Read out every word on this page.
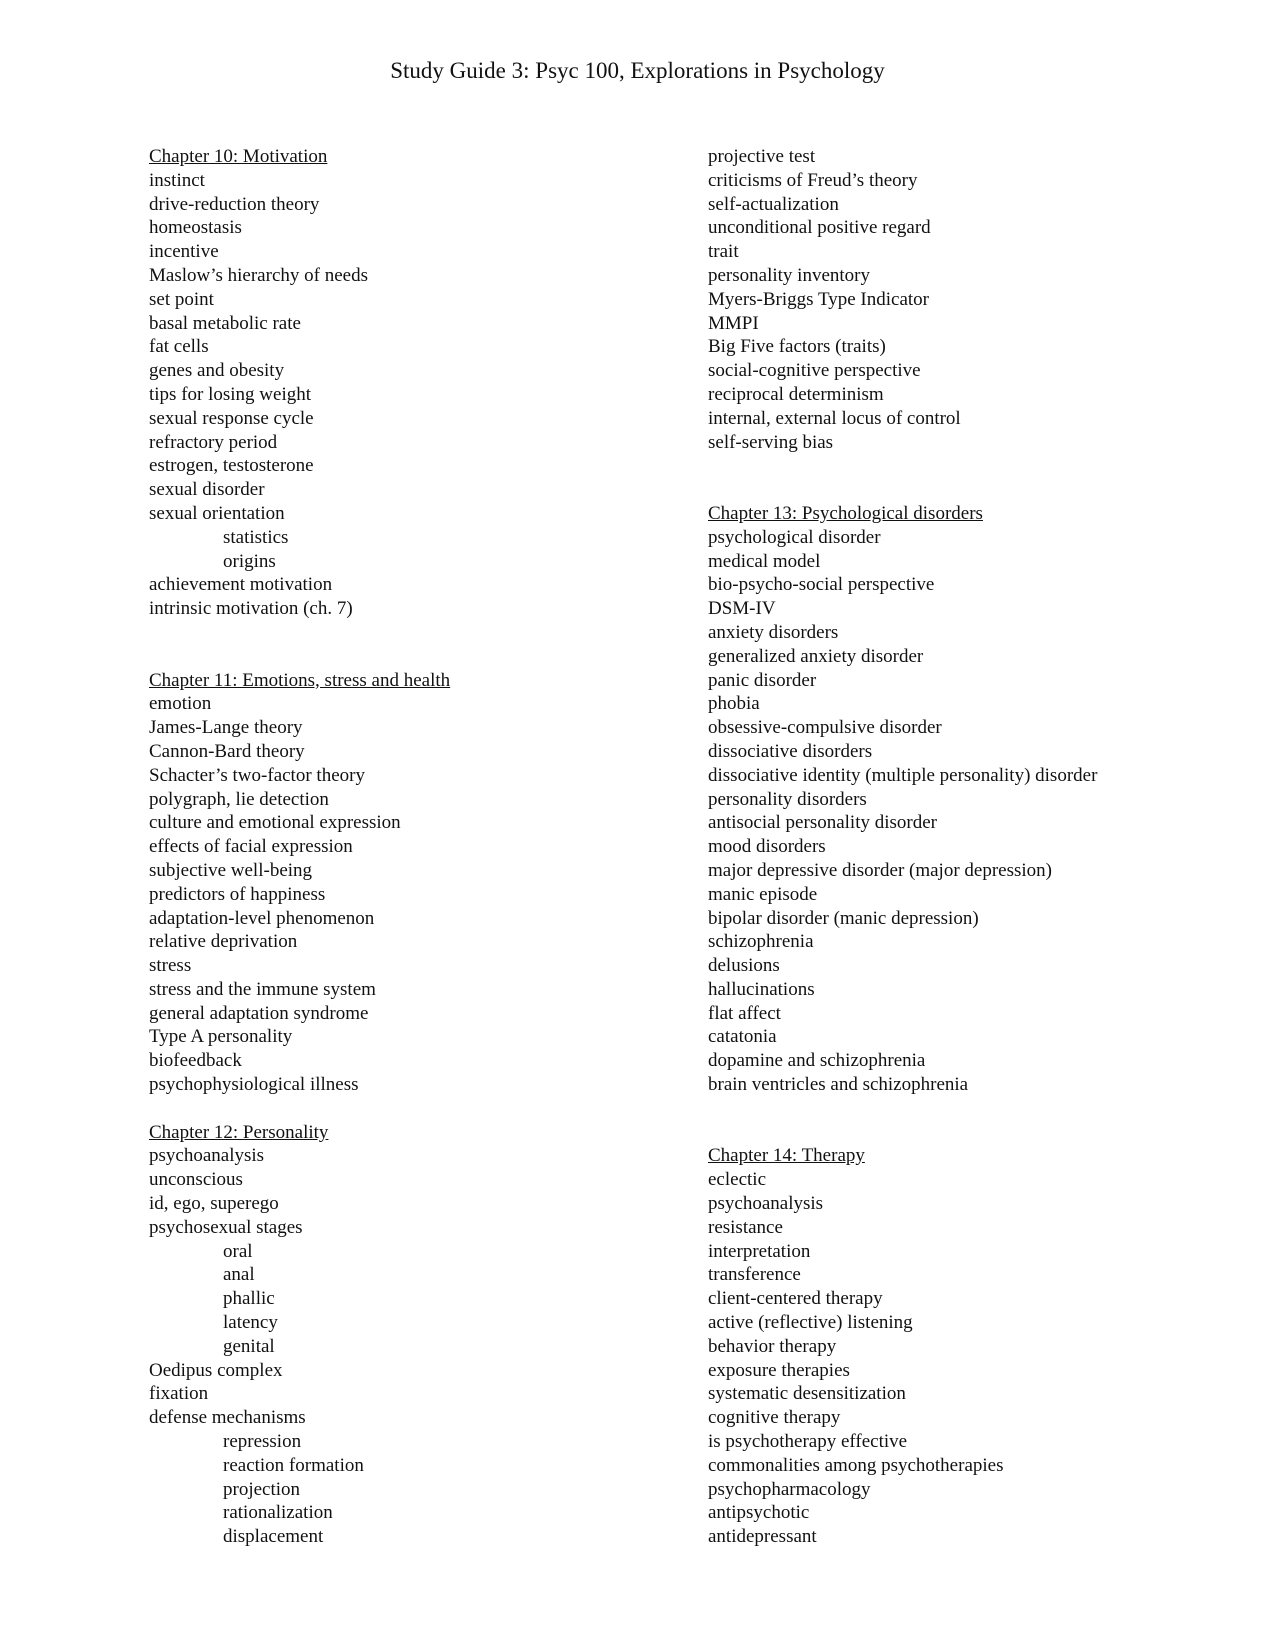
Study Guide 3: Psyc 100, Explorations in Psychology
Chapter 10: Motivation
instinct
drive-reduction theory
homeostasis
incentive
Maslow’s hierarchy of needs
set point
basal metabolic rate
fat cells
genes and obesity
tips for losing weight
sexual response cycle
refractory period
estrogen, testosterone
sexual disorder
sexual orientation
statistics
origins
achievement motivation
intrinsic motivation (ch. 7)
Chapter 11: Emotions, stress and health
emotion
James-Lange theory
Cannon-Bard theory
Schacter’s two-factor theory
polygraph, lie detection
culture and emotional expression
effects of facial expression
subjective well-being
predictors of happiness
adaptation-level phenomenon
relative deprivation
stress
stress and the immune system
general adaptation syndrome
Type A personality
biofeedback
psychophysiological illness
Chapter 12: Personality
psychoanalysis
unconscious
id, ego, superego
psychosexual stages
oral
anal
phallic
latency
genital
Oedipus complex
fixation
defense mechanisms
repression
reaction formation
projection
rationalization
displacement
projective test
criticisms of Freud’s theory
self-actualization
unconditional positive regard
trait
personality inventory
Myers-Briggs Type Indicator
MMPI
Big Five factors (traits)
social-cognitive perspective
reciprocal determinism
internal, external locus of control
self-serving bias
Chapter 13: Psychological disorders
psychological disorder
medical model
bio-psycho-social perspective
DSM-IV
anxiety disorders
generalized anxiety disorder
panic disorder
phobia
obsessive-compulsive disorder
dissociative disorders
dissociative identity (multiple personality) disorder
personality disorders
antisocial personality disorder
mood disorders
major depressive disorder (major depression)
manic episode
bipolar disorder (manic depression)
schizophrenia
delusions
hallucinations
flat affect
catatonia
dopamine and schizophrenia
brain ventricles and schizophrenia
Chapter 14: Therapy
eclectic
psychoanalysis
resistance
interpretation
transference
client-centered therapy
active (reflective) listening
behavior therapy
exposure therapies
systematic desensitization
cognitive therapy
is psychotherapy effective
commonalities among psychotherapies
psychopharmacology
antipsychotic
antidepressant
